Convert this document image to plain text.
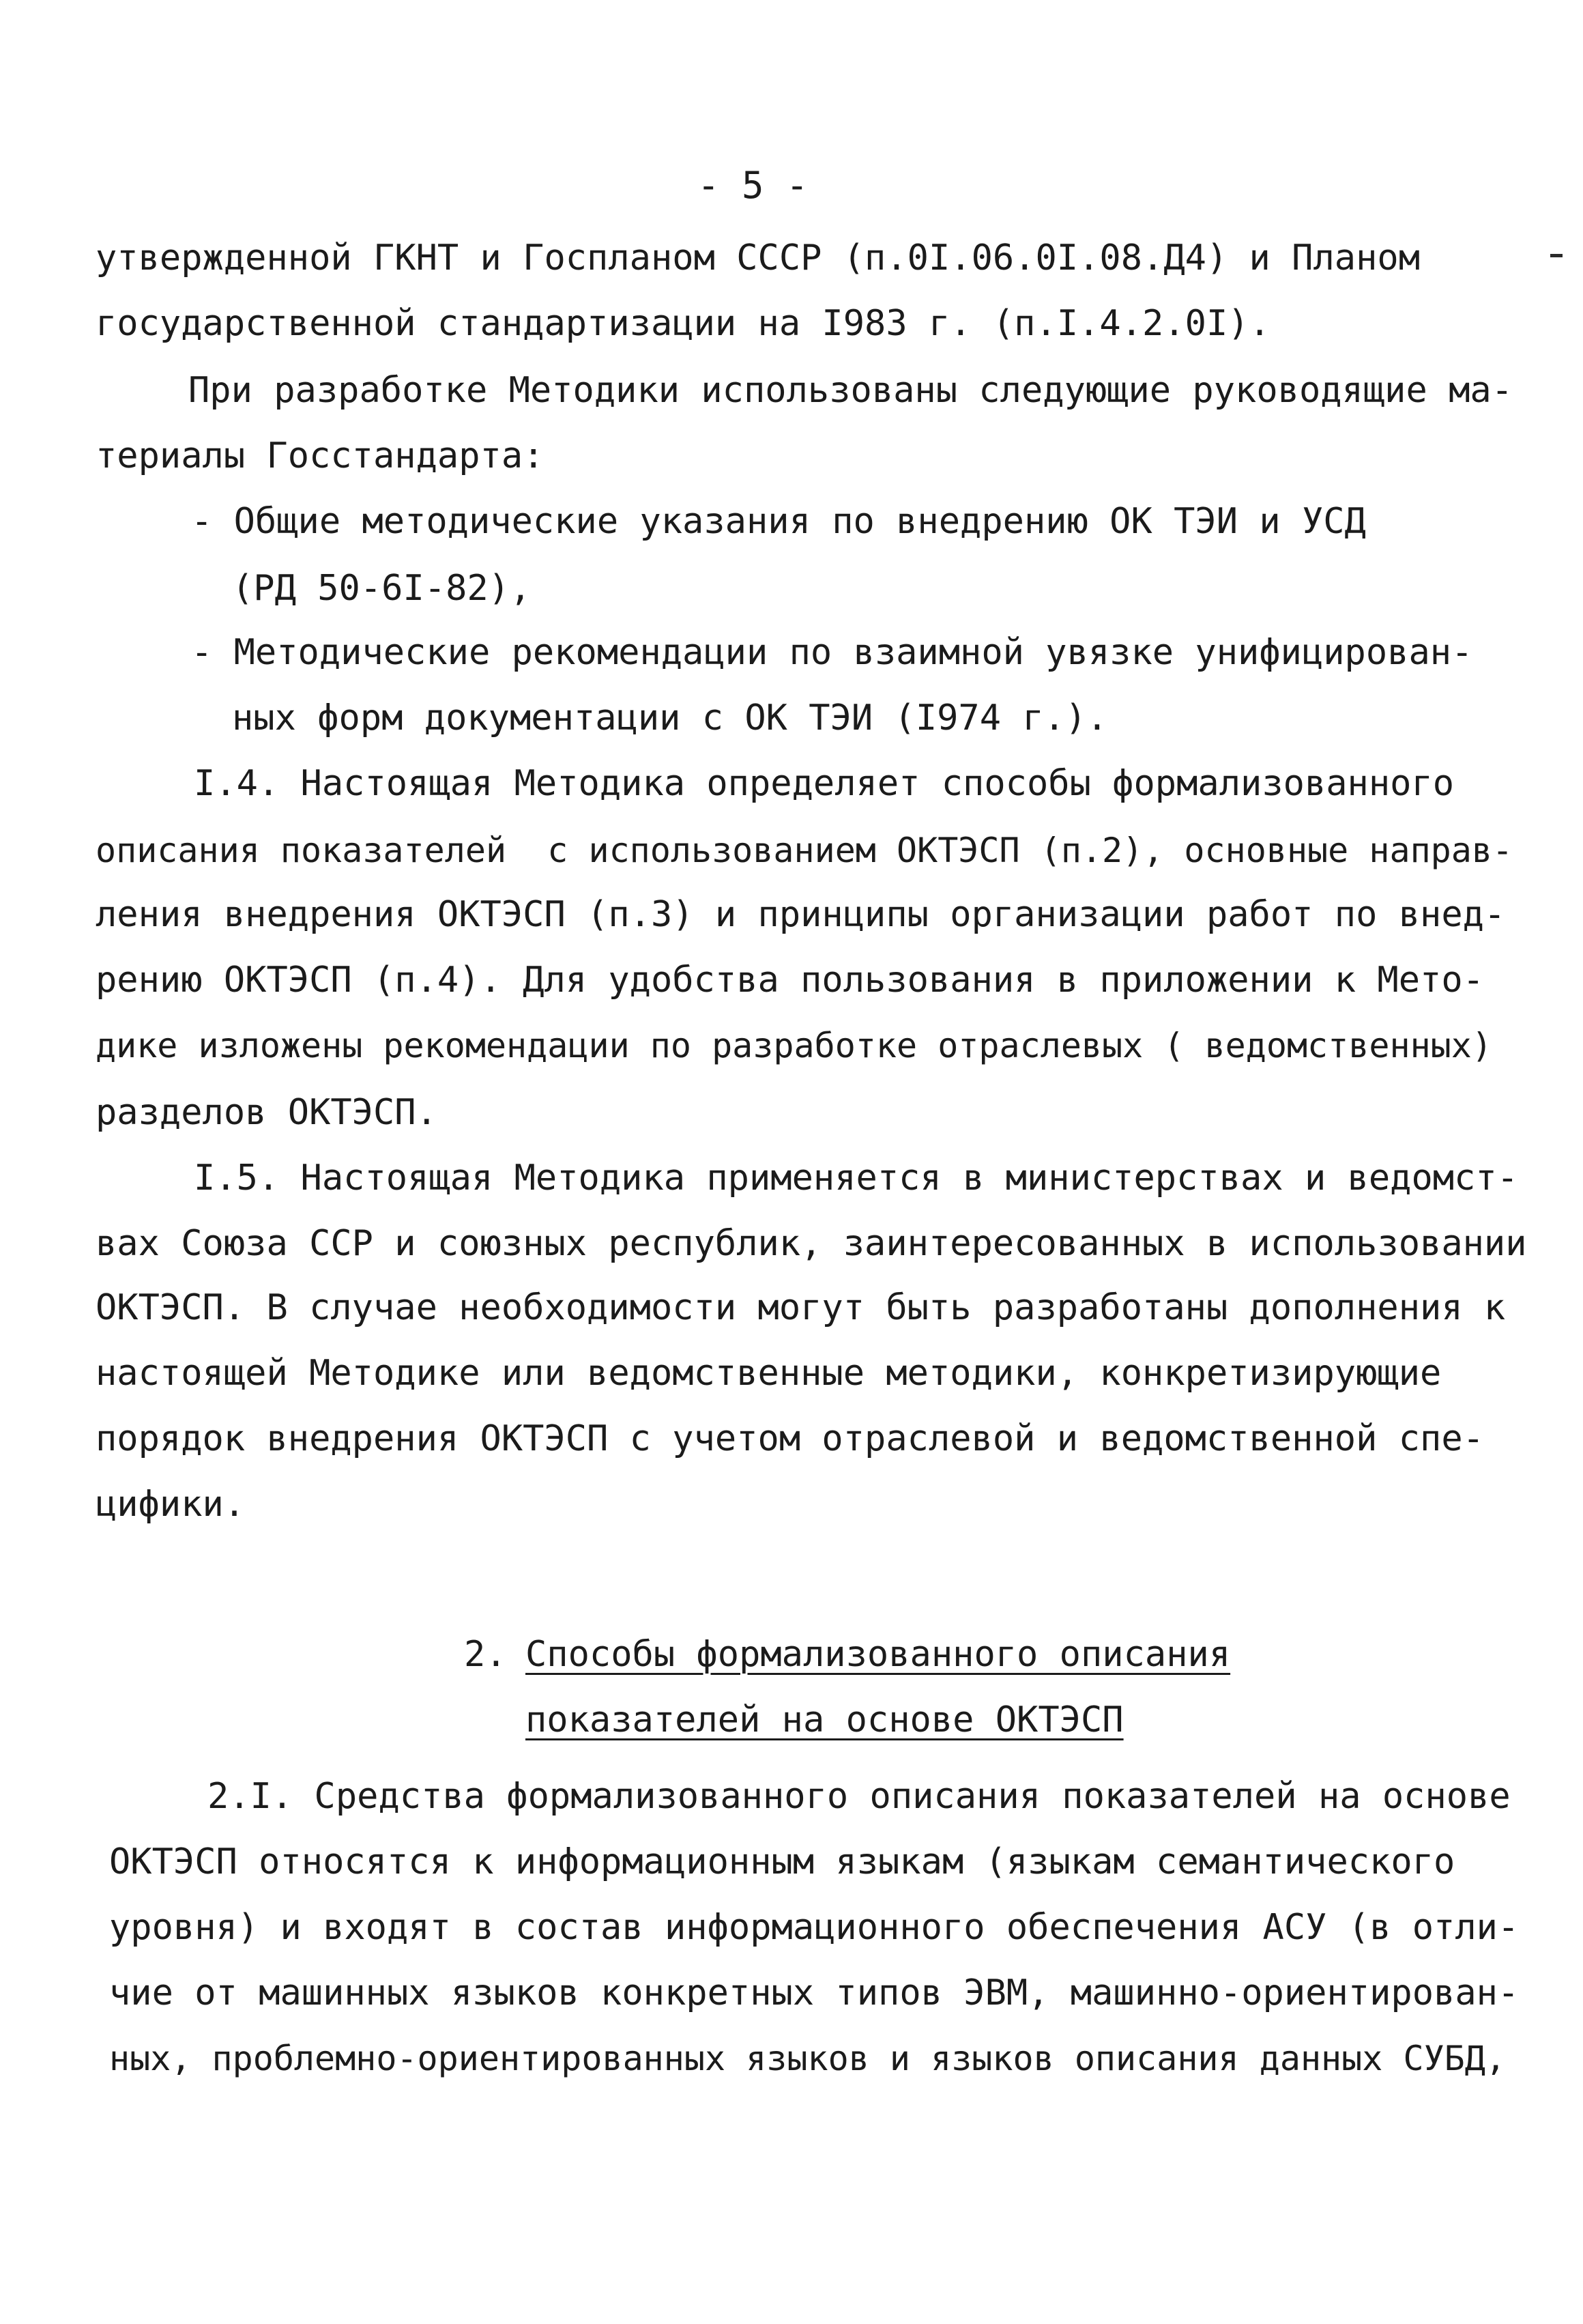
- 5 -
утвержденной ГКНТ и Госпланом СССР (п.0I.06.0I.08.Д4) и Планом
государственной стандартизации на I983 г. (п.I.4.2.0I).
При разработке Методики использованы следующие руководящие ма-
териалы Госстандарта:
- Общие методические указания по внедрению ОК ТЭИ и УСД
(РД 50-6I-82),
- Методические рекомендации по взаимной увязке унифицирован-
ных форм документации с ОК ТЭИ (I974 г.).
I.4. Настоящая Методика определяет способы формализованного
описания показателей  с использованием ОКТЭСП (п.2), основные направ-
ления внедрения ОКТЭСП (п.3) и принципы организации работ по внед-
рению ОКТЭСП (п.4). Для удобства пользования в приложении к Мето-
дике изложены рекомендации по разработке отраслевых ( ведомственных)
разделов ОКТЭСП.
I.5. Настоящая Методика применяется в министерствах и ведомст-
вах Союза ССР и союзных республик, заинтересованных в использовании
ОКТЭСП. В случае необходимости могут быть разработаны дополнения к
настоящей Методике или ведомственные методики, конкретизирующие
порядок внедрения ОКТЭСП с учетом отраслевой и ведомственной спе-
цифики.
2. Способы формализованного описания
показателей на основе ОКТЭСП
2.I. Средства формализованного описания показателей на основе
ОКТЭСП относятся к информационным языкам (языкам семантического
уровня) и входят в состав информационного обеспечения АСУ (в отли-
чие от машинных языков конкретных типов ЭВМ, машинно-ориентирован-
ных, проблемно-ориентированных языков и языков описания данных СУБД,
